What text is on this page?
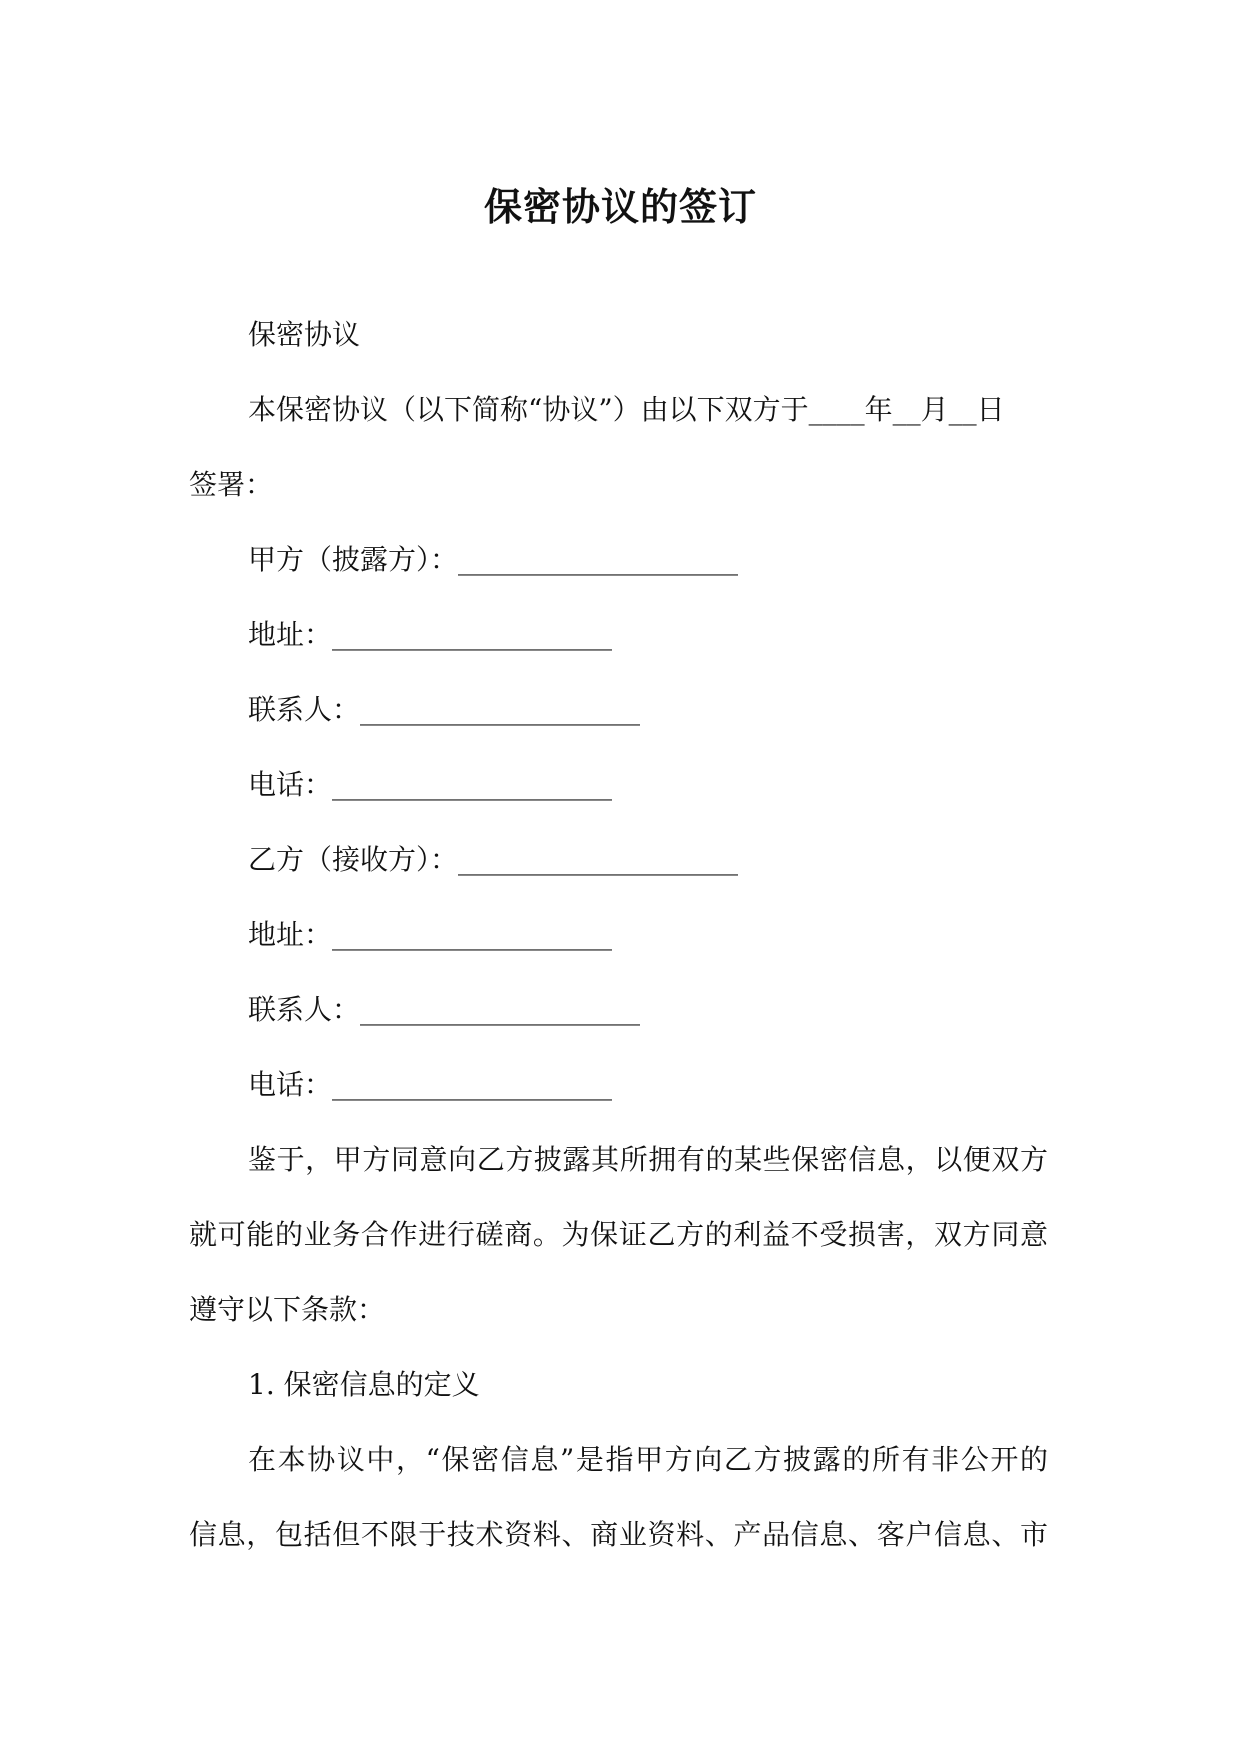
保密协议的签订
保密协议
本保密协议（以下简称“协议”）由以下双方于____年__月__日
签署：
甲方（披露方）：____________________
地址：____________________
联系人：____________________
电话：____________________
乙方（接收方）：____________________
地址：____________________
联系人：____________________
电话：____________________
鉴于，甲方同意向乙方披露其所拥有的某些保密信息，以便双方
就可能的业务合作进行磋商。为保证乙方的利益不受损害，双方同意
遵守以下条款：
1. 保密信息的定义
在本协议中，“保密信息”是指甲方向乙方披露的所有非公开的
信息，包括但不限于技术资料、商业资料、产品信息、客户信息、市
